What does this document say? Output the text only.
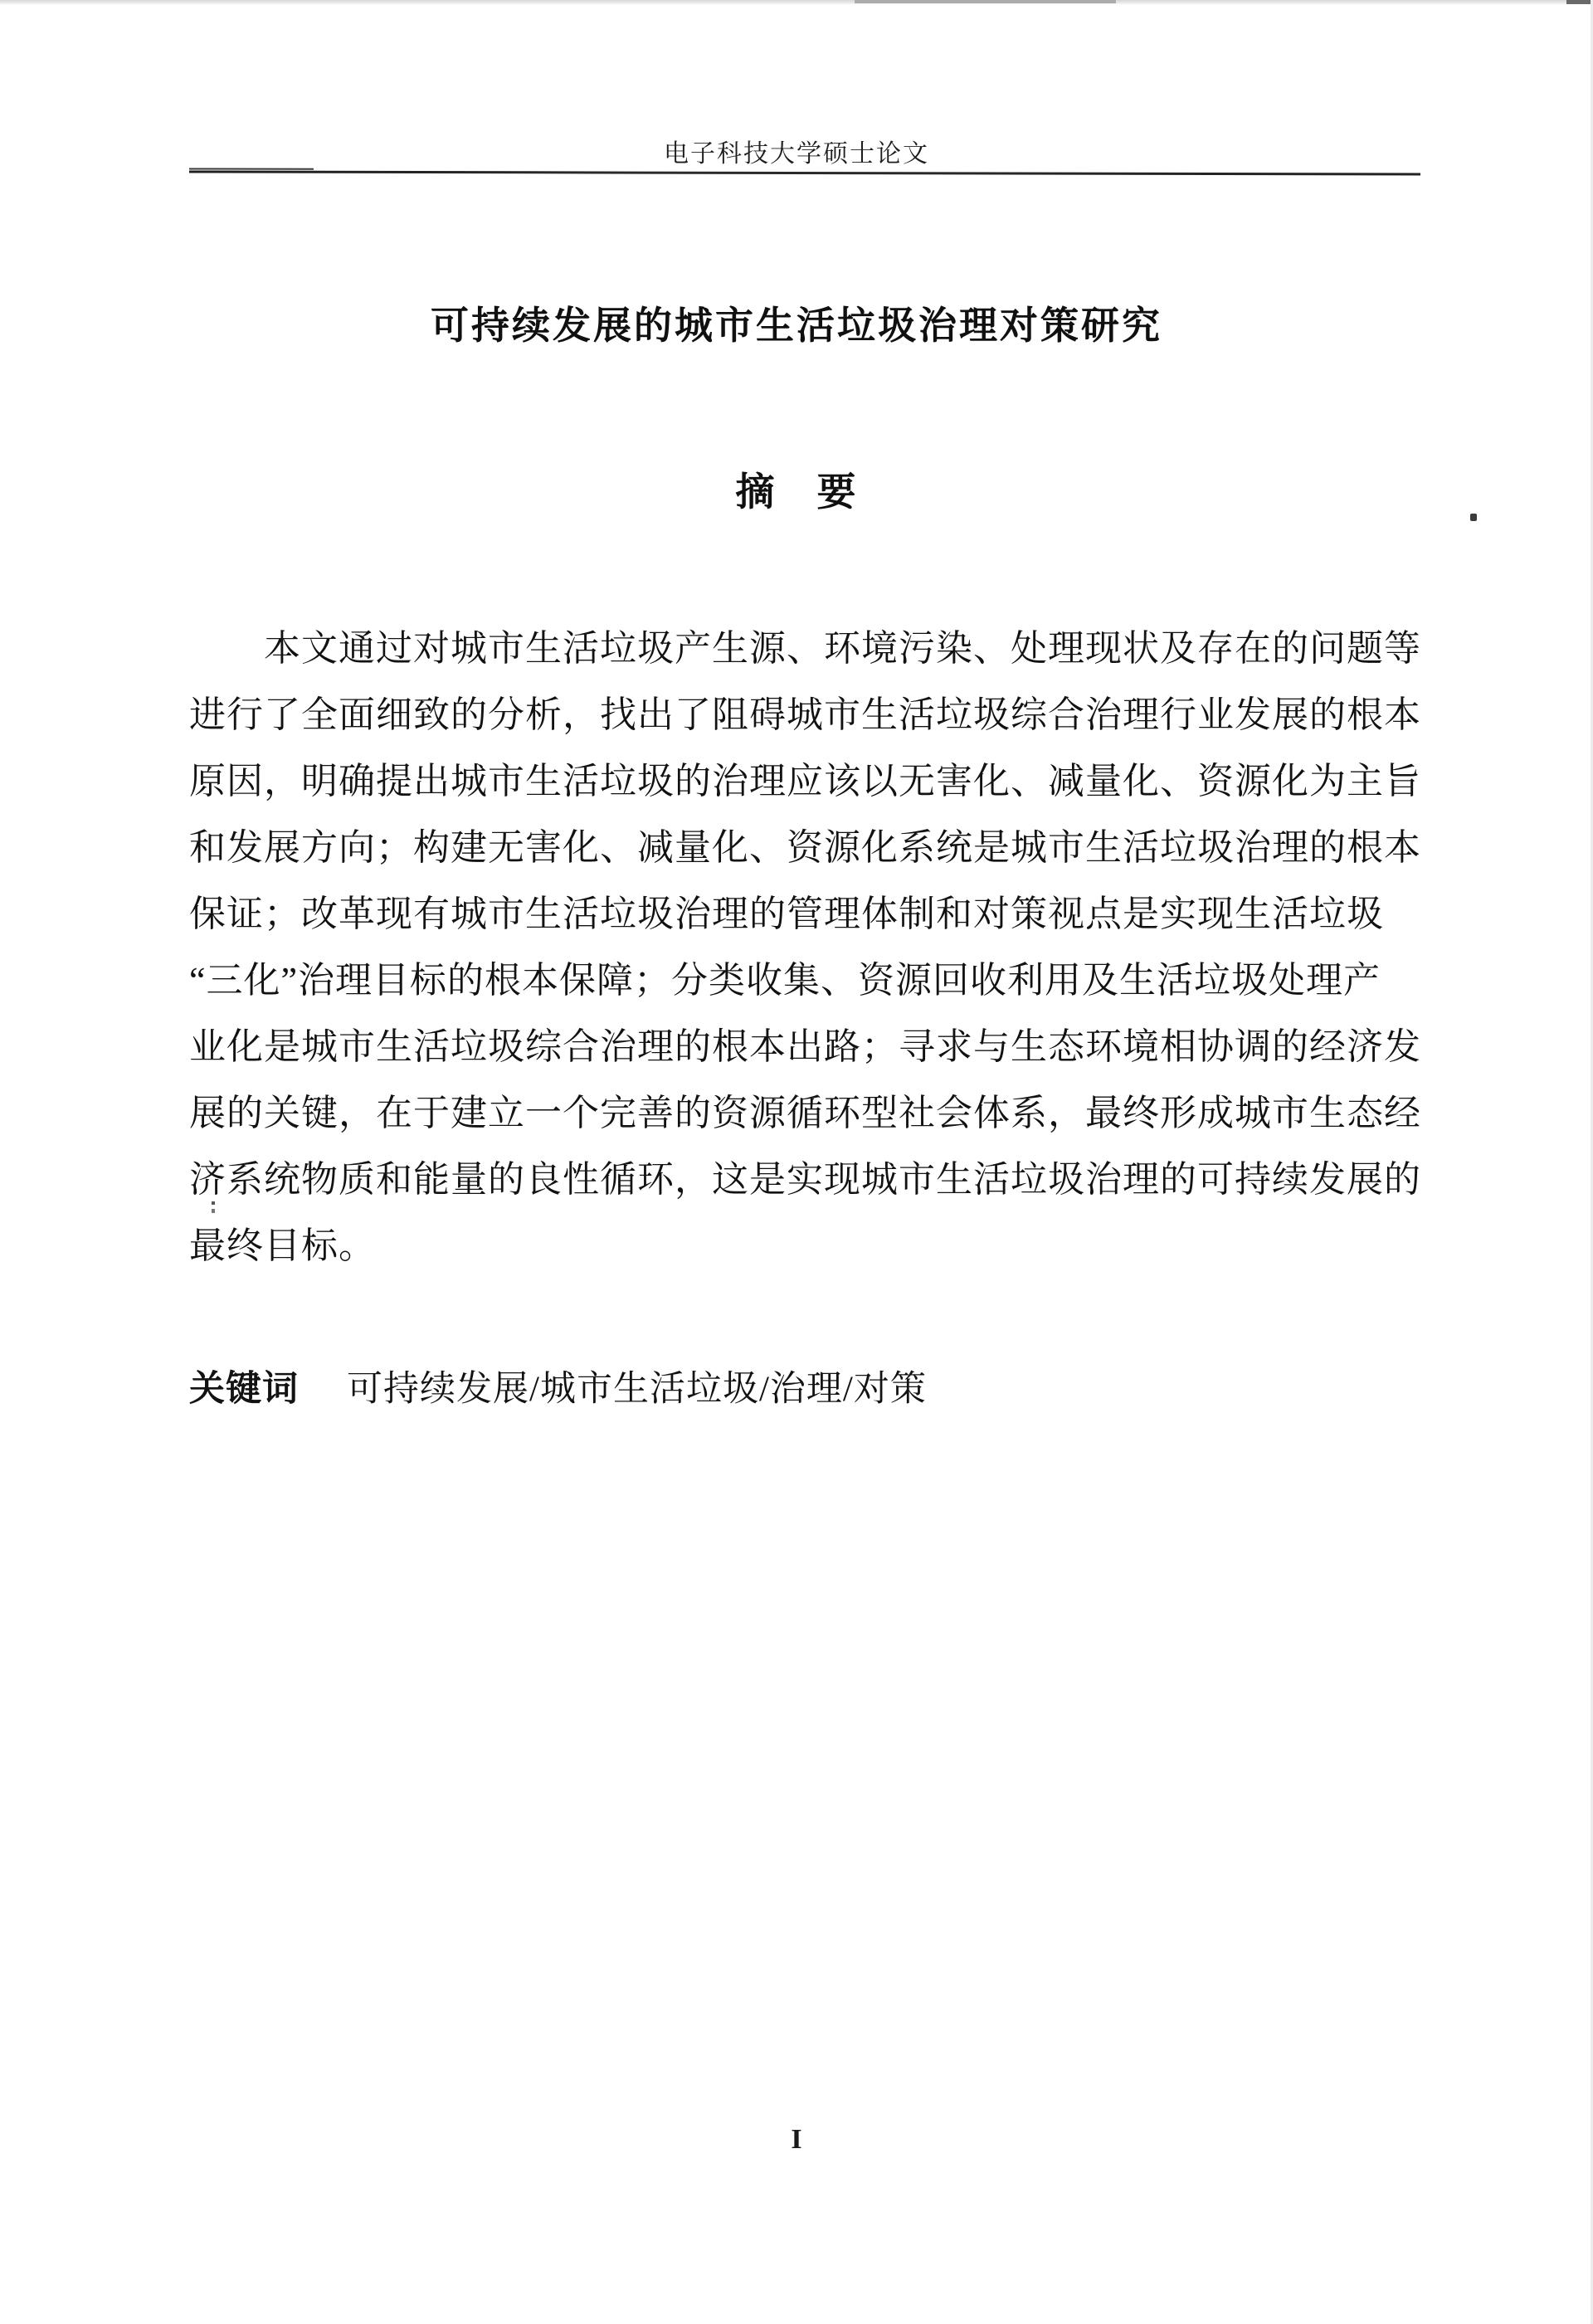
电子科技大学硕士论文
可持续发展的城市生活垃圾治理对策研究
摘　要
本文通过对城市生活垃圾产生源、环境污染、处理现状及存在的问题等
进行了全面细致的分析，找出了阻碍城市生活垃圾综合治理行业发展的根本
原因，明确提出城市生活垃圾的治理应该以无害化、减量化、资源化为主旨
和发展方向；构建无害化、减量化、资源化系统是城市生活垃圾治理的根本
保证；改革现有城市生活垃圾治理的管理体制和对策视点是实现生活垃圾
“三化”治理目标的根本保障；分类收集、资源回收利用及生活垃圾处理产
业化是城市生活垃圾综合治理的根本出路；寻求与生态环境相协调的经济发
展的关键，在于建立一个完善的资源循环型社会体系，最终形成城市生态经
济系统物质和能量的良性循环，这是实现城市生活垃圾治理的可持续发展的
最终目标。
关键词 可持续发展/城市生活垃圾/治理/对策
I
